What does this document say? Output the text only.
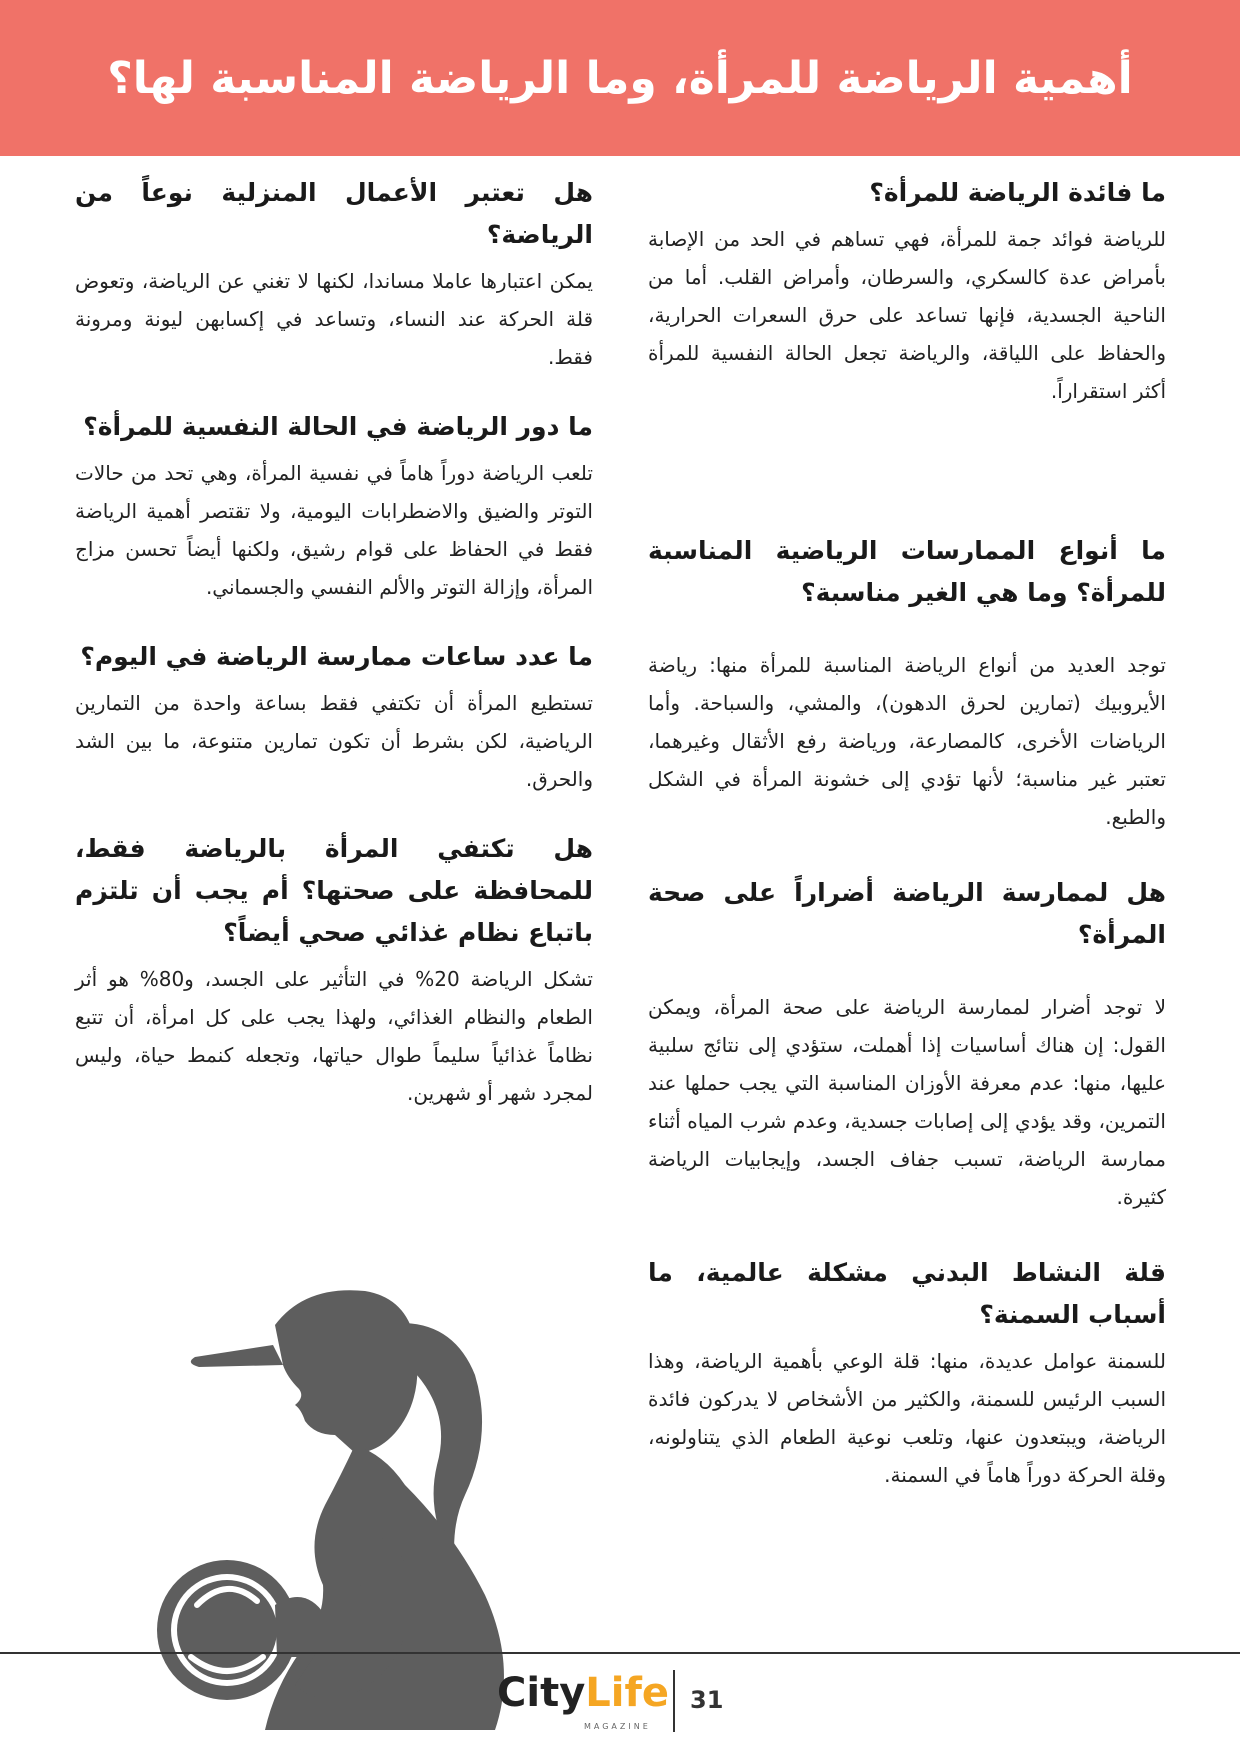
أهمية الرياضة للمرأة، وما الرياضة المناسبة لها؟
ما فائدة الرياضة للمرأة؟

للرياضة فوائد جمة للمرأة، فهي تساهم في الحد من الإصابة بأمراض عدة كالسكري، والسرطان، وأمراض القلب. أما من الناحية الجسدية، فإنها تساعد على حرق السعرات الحرارية، والحفاظ على اللياقة، والرياضة تجعل الحالة النفسية للمرأة أكثر استقراراً.

ما أنواع الممارسات الرياضية المناسبة للمرأة؟ وما هي الغير مناسبة؟

توجد العديد من أنواع الرياضة المناسبة للمرأة منها: رياضة الأيروبيك (تمارين لحرق الدهون)، والمشي، والسباحة. وأما الرياضات الأخرى، كالمصارعة، ورياضة رفع الأثقال وغيرهما، تعتبر غير مناسبة؛ لأنها تؤدي إلى خشونة المرأة في الشكل والطبع.

هل لممارسة الرياضة أضراراً على صحة المرأة؟

لا توجد أضرار لممارسة الرياضة على صحة المرأة، ويمكن القول: إن هناك أساسيات إذا أهملت، ستؤدي إلى نتائج سلبية عليها، منها: عدم معرفة الأوزان المناسبة التي يجب حملها عند التمرين، وقد يؤدي إلى إصابات جسدية، وعدم شرب المياه أثناء ممارسة الرياضة، تسبب جفاف الجسد، وإيجابيات الرياضة كثيرة.

قلة النشاط البدني مشكلة عالمية، ما أسباب السمنة؟

للسمنة عوامل عديدة، منها: قلة الوعي بأهمية الرياضة، وهذا السبب الرئيس للسمنة، والكثير من الأشخاص لا يدركون فائدة الرياضة، ويبتعدون عنها، وتلعب نوعية الطعام الذي يتناولونه، وقلة الحركة دوراً هاماً في السمنة.

هل تعتبر الأعمال المنزلية نوعاً من الرياضة؟

يمكن اعتبارها عاملا مساندا، لكنها لا تغني عن الرياضة، وتعوض قلة الحركة عند النساء، وتساعد في إكسابهن ليونة ومرونة فقط.

ما دور الرياضة في الحالة النفسية للمرأة؟

تلعب الرياضة دوراً هاماً في نفسية المرأة، وهي تحد من حالات التوتر والضيق والاضطرابات اليومية، ولا تقتصر أهمية الرياضة فقط في الحفاظ على قوام رشيق، ولكنها أيضاً تحسن مزاج المرأة، وإزالة التوتر والألم النفسي والجسماني.

ما عدد ساعات ممارسة الرياضة في اليوم؟

تستطيع المرأة أن تكتفي فقط بساعة واحدة من التمارين الرياضية، لكن بشرط أن تكون تمارين متنوعة، ما بين الشد والحرق.

هل تكتفي المرأة بالرياضة فقط، للمحافظة على صحتها؟ أم يجب أن تلتزم باتباع نظام غذائي صحي أيضاً؟

تشكل الرياضة 20% في التأثير على الجسد، و80% هو أثر الطعام والنظام الغذائي، ولهذا يجب على كل امرأة، أن تتبع نظاماً غذائياً سليماً طوال حياتها، وتجعله كنمط حياة، وليس لمجرد شهر أو شهرين.

City Life
MAGAZINE
31
